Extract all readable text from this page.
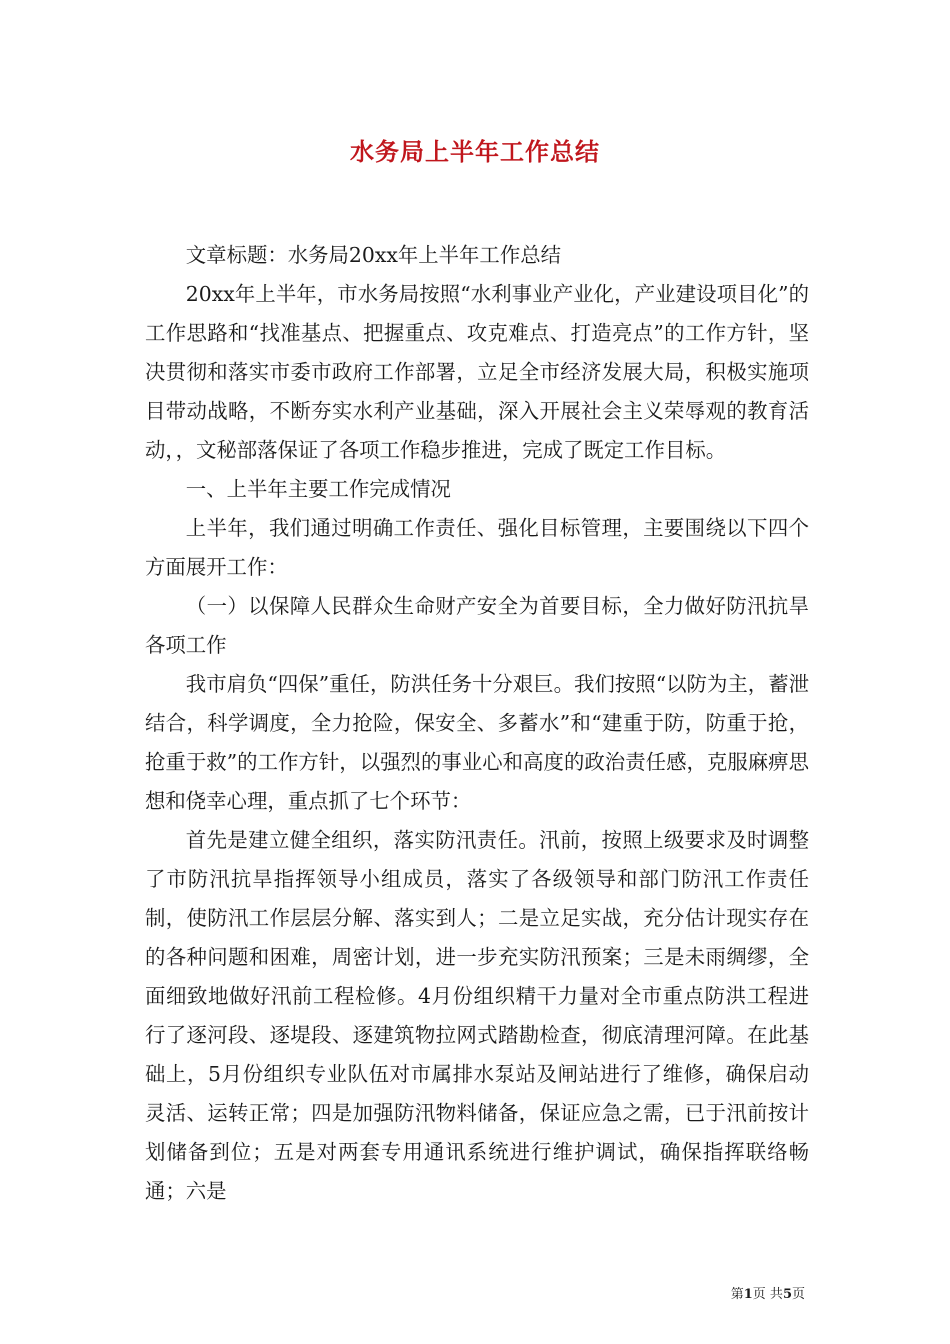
水务局上半年工作总结

文章标题：水务局20xx年上半年工作总结

20xx年上半年，市水务局按照“水利事业产业化，产业建设项目化”的工作思路和“找准基点、把握重点、攻克难点、打造亮点”的工作方针，坚决贯彻和落实市委市政府工作部署，立足全市经济发展大局，积极实施项目带动战略，不断夯实水利产业基础，深入开展社会主义荣辱观的教育活动，，文秘部落保证了各项工作稳步推进，完成了既定工作目标。

一、上半年主要工作完成情况

上半年，我们通过明确工作责任、强化目标管理，主要围绕以下四个方面展开工作：

（一）以保障人民群众生命财产安全为首要目标，全力做好防汛抗旱各项工作

我市肩负“四保”重任，防洪任务十分艰巨。我们按照“以防为主，蓄泄结合，科学调度，全力抢险，保安全、多蓄水”和“建重于防，防重于抢，抢重于救”的工作方针，以强烈的事业心和高度的政治责任感，克服麻痹思想和侥幸心理，重点抓了七个环节：

首先是建立健全组织，落实防汛责任。汛前，按照上级要求及时调整了市防汛抗旱指挥领导小组成员，落实了各级领导和部门防汛工作责任制，使防汛工作层层分解、落实到人；二是立足实战，充分估计现实存在的各种问题和困难，周密计划，进一步充实防汛预案；三是未雨绸缪，全面细致地做好汛前工程检修。4月份组织精干力量对全市重点防洪工程进行了逐河段、逐堤段、逐建筑物拉网式踏勘检查，彻底清理河障。在此基础上，5月份组织专业队伍对市属排水泵站及闸站进行了维修，确保启动灵活、运转正常；四是加强防汛物料储备，保证应急之需，已于汛前按计划储备到位；五是对两套专用通讯系统进行维护调试，确保指挥联络畅通；六是

第1页 共5页
